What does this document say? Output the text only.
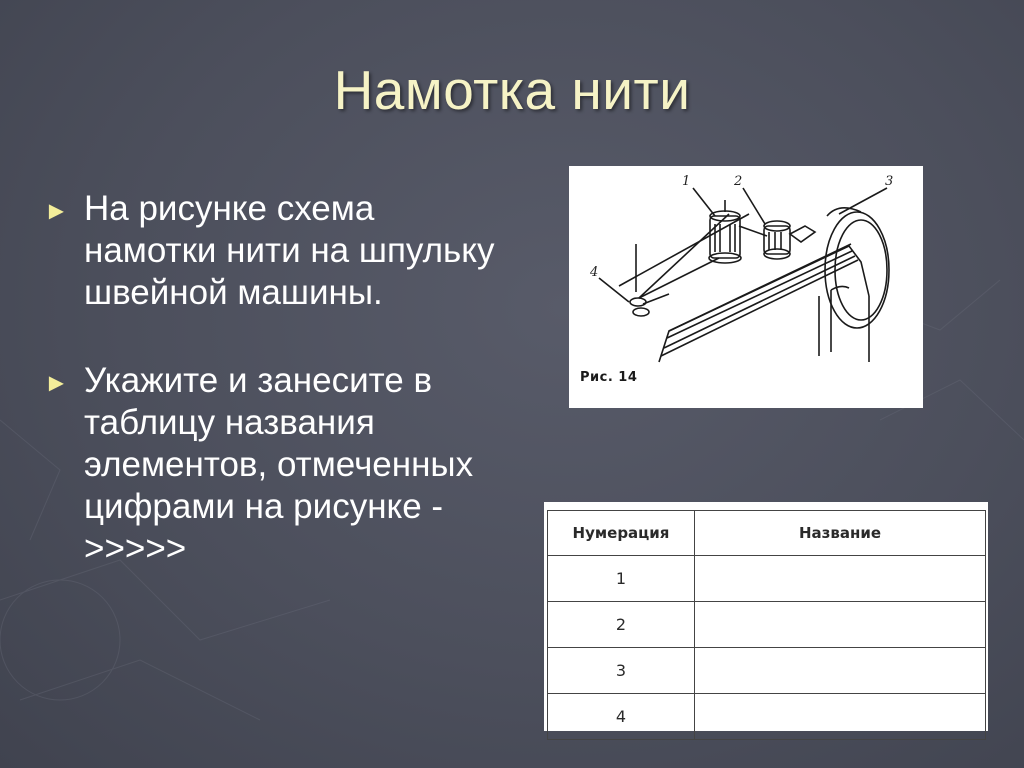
Намотка нити
► На рисунке схема намотки нити на шпульку швейной машины.
► Укажите и занесите в таблицу названия элементов, отмеченных цифрами на рисунке - >>>>>
1	2	3
4
Рис. 14
Нумерация	Название
1	
2	
3	
4	
